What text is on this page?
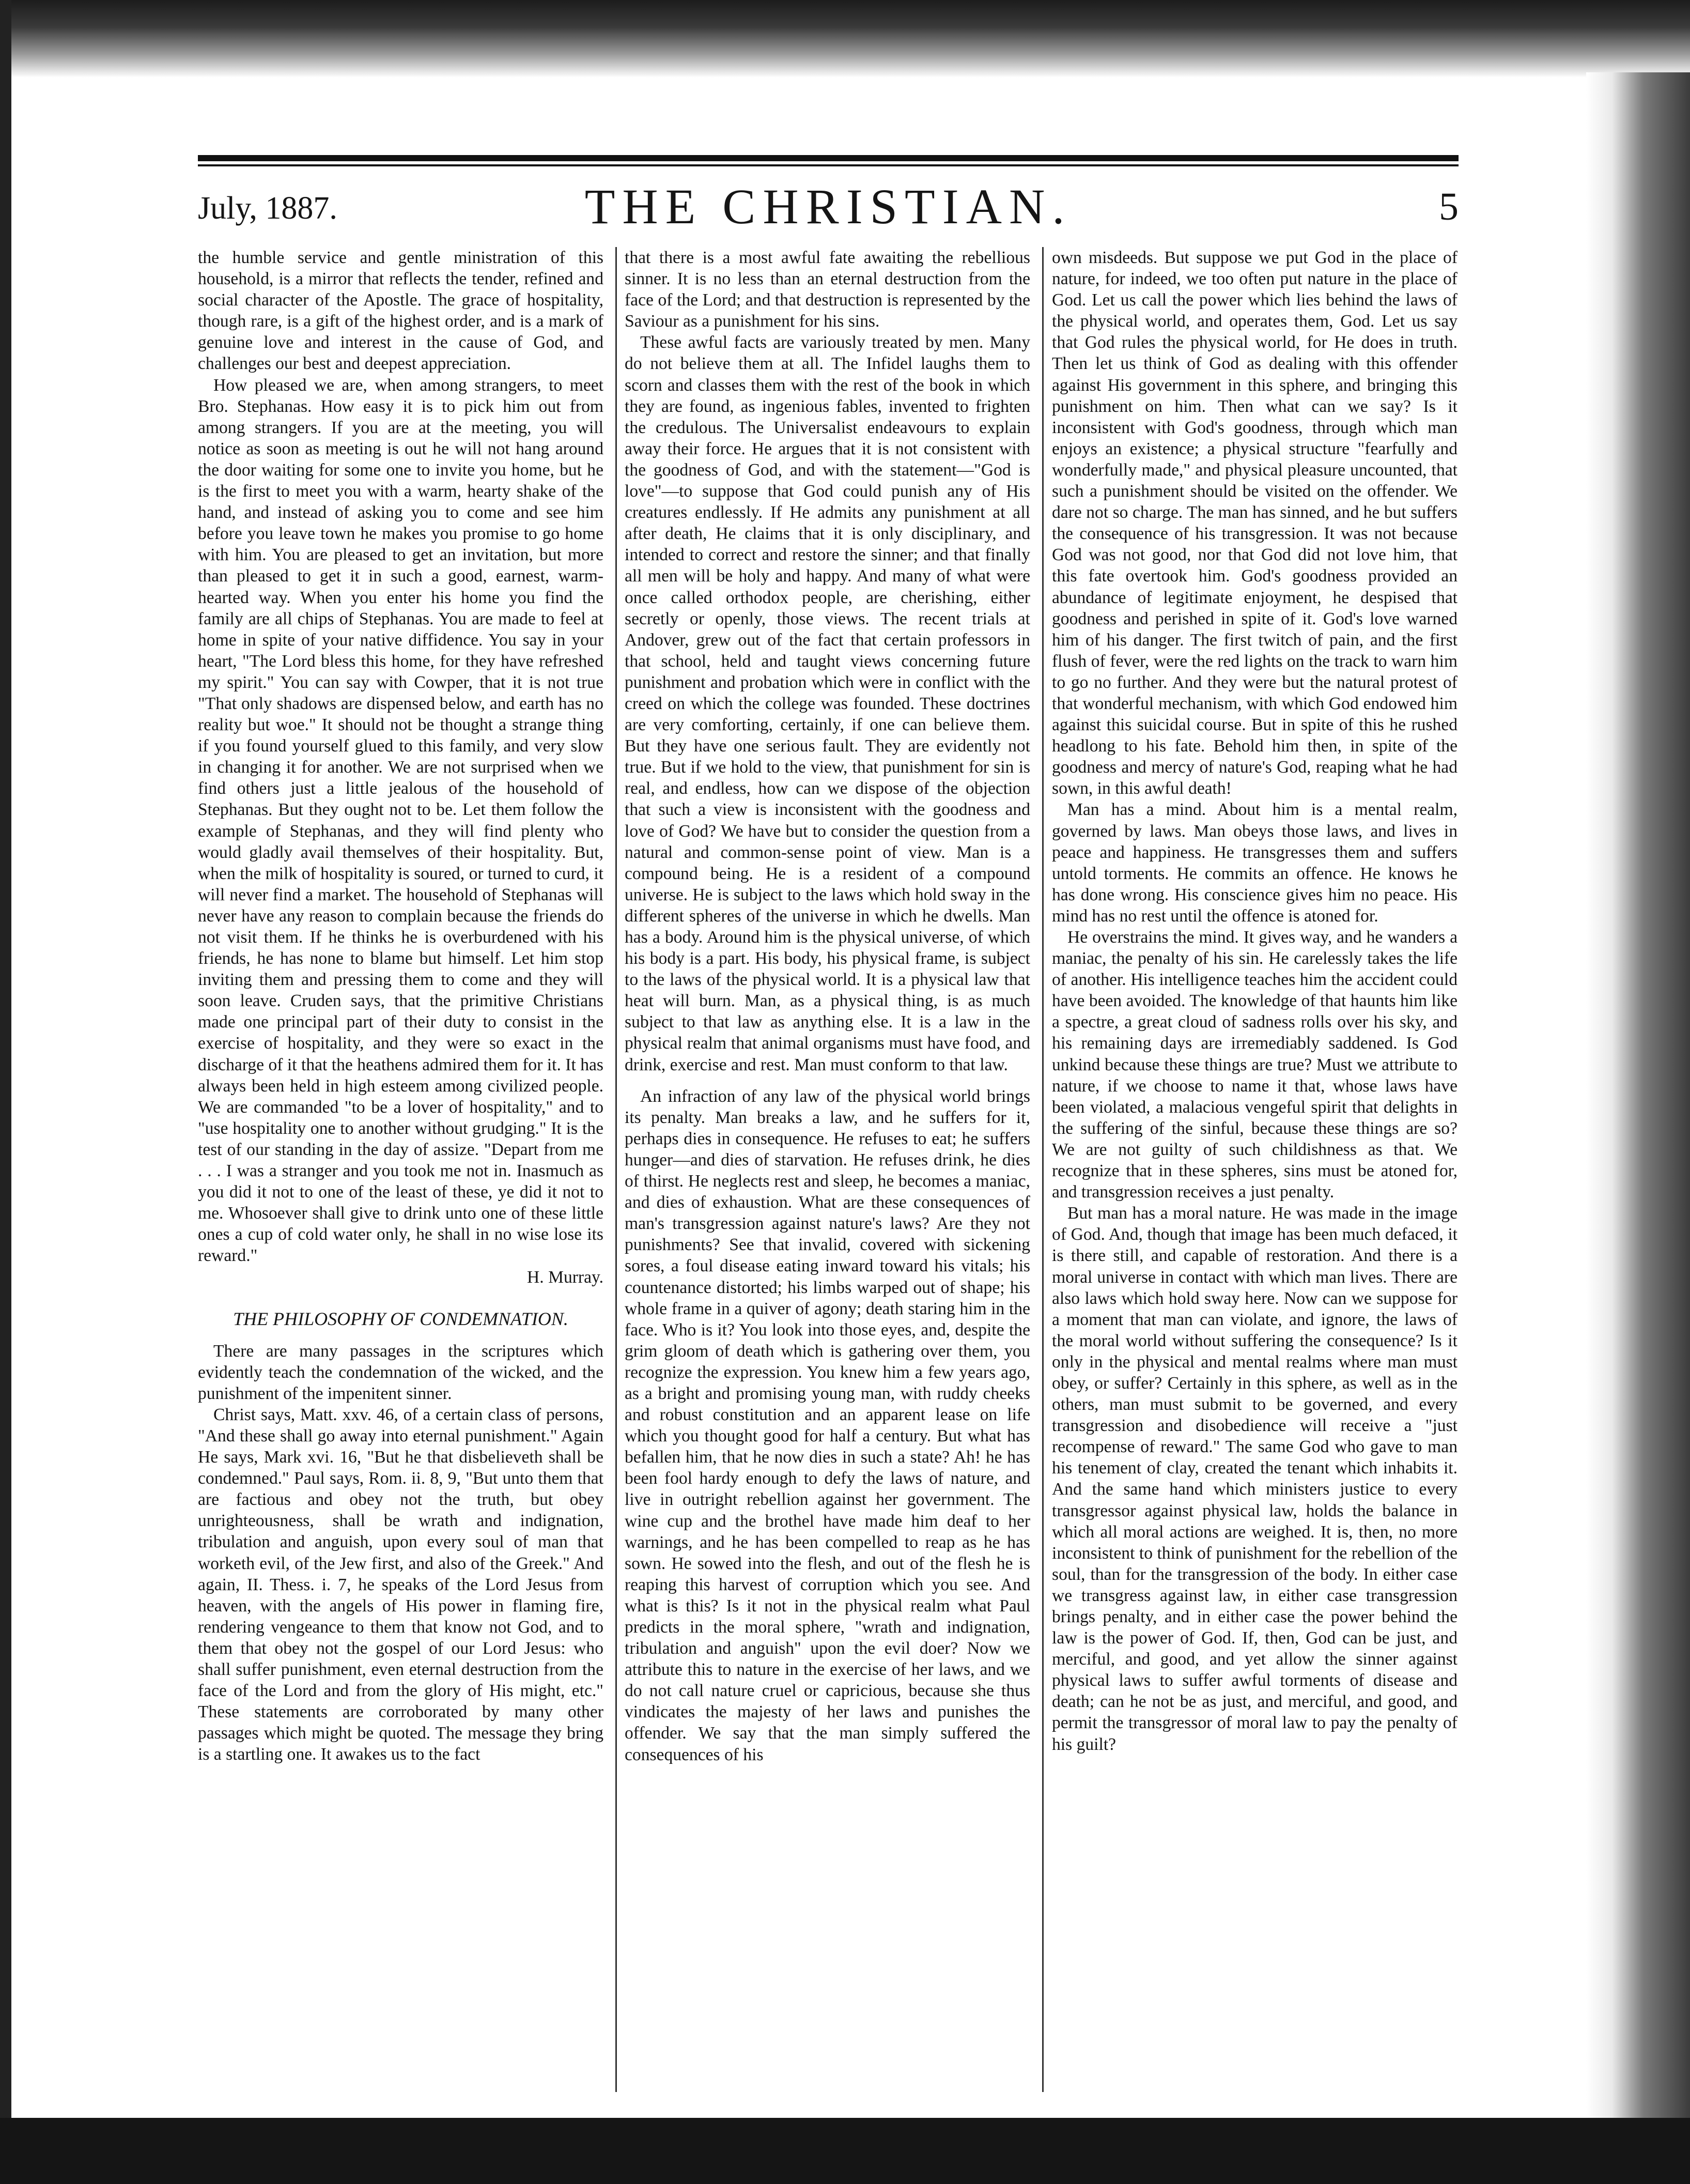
July, 1887.	THE CHRISTIAN.	5

the humble service and gentle ministration of this household, is a mirror that reflects the tender, refined and social character of the Apostle. The grace of hospitality, though rare, is a gift of the highest order, and is a mark of genuine love and interest in the cause of God, and challenges our best and deepest appreciation.

How pleased we are, when among strangers, to meet Bro. Stephanas. How easy it is to pick him out from among strangers. If you are at the meeting, you will notice as soon as meeting is out he will not hang around the door waiting for some one to invite you home, but he is the first to meet you with a warm, hearty shake of the hand, and instead of asking you to come and see him before you leave town he makes you promise to go home with him. You are pleased to get an invitation, but more than pleased to get it in such a good, earnest, warm-hearted way. When you enter his home you find the family are all chips of Stephanas. You are made to feel at home in spite of your native diffidence. You say in your heart, "The Lord bless this home, for they have refreshed my spirit." You can say with Cowper, that it is not true "That only shadows are dispensed below, and earth has no reality but woe." It should not be thought a strange thing if you found yourself glued to this family, and very slow in changing it for another. We are not surprised when we find others just a little jealous of the household of Stephanas. But they ought not to be. Let them follow the example of Stephanas, and they will find plenty who would gladly avail themselves of their hospitality. But, when the milk of hospitality is soured, or turned to curd, it will never find a market. The household of Stephanas will never have any reason to complain because the friends do not visit them. If he thinks he is overburdened with his friends, he has none to blame but himself. Let him stop inviting them and pressing them to come and they will soon leave. Cruden says, that the primitive Christians made one principal part of their duty to consist in the exercise of hospitality, and they were so exact in the discharge of it that the heathens admired them for it. It has always been held in high esteem among civilized people. We are commanded "to be a lover of hospitality," and to "use hospitality one to another without grudging." It is the test of our standing in the day of assize. "Depart from me . . . I was a stranger and you took me not in. Inasmuch as you did it not to one of the least of these, ye did it not to me. Whosoever shall give to drink unto one of these little ones a cup of cold water only, he shall in no wise lose its reward."

H. Murray.

THE PHILOSOPHY OF CONDEMNATION.

There are many passages in the scriptures which evidently teach the condemnation of the wicked, and the punishment of the impenitent sinner.

Christ says, Matt. xxv. 46, of a certain class of persons, "And these shall go away into eternal punishment." Again He says, Mark xvi. 16, "But he that disbelieveth shall be condemned." Paul says, Rom. ii. 8, 9, "But unto them that are factious and obey not the truth, but obey unrighteousness, shall be wrath and indignation, tribulation and anguish, upon every soul of man that worketh evil, of the Jew first, and also of the Greek." And again, II. Thess. i. 7, he speaks of the Lord Jesus from heaven, with the angels of His power in flaming fire, rendering vengeance to them that know not God, and to them that obey not the gospel of our Lord Jesus: who shall suffer punishment, even eternal destruction from the face of the Lord and from the glory of His might, etc." These statements are corroborated by many other passages which might be quoted. The message they bring is a startling one. It awakes us to the fact

that there is a most awful fate awaiting the rebellious sinner. It is no less than an eternal destruction from the face of the Lord; and that destruction is represented by the Saviour as a punishment for his sins.

These awful facts are variously treated by men. Many do not believe them at all. The Infidel laughs them to scorn and classes them with the rest of the book in which they are found, as ingenious fables, invented to frighten the credulous. The Universalist endeavours to explain away their force. He argues that it is not consistent with the goodness of God, and with the statement—"God is love"—to suppose that God could punish any of His creatures endlessly. If He admits any punishment at all after death, He claims that it is only disciplinary, and intended to correct and restore the sinner; and that finally all men will be holy and happy. And many of what were once called orthodox people, are cherishing, either secretly or openly, those views. The recent trials at Andover, grew out of the fact that certain professors in that school, held and taught views concerning future punishment and probation which were in conflict with the creed on which the college was founded. These doctrines are very comforting, certainly, if one can believe them. But they have one serious fault. They are evidently not true. But if we hold to the view, that punishment for sin is real, and endless, how can we dispose of the objection that such a view is inconsistent with the goodness and love of God? We have but to consider the question from a natural and common-sense point of view. Man is a compound being. He is a resident of a compound universe. He is subject to the laws which hold sway in the different spheres of the universe in which he dwells. Man has a body. Around him is the physical universe, of which his body is a part. His body, his physical frame, is subject to the laws of the physical world. It is a physical law that heat will burn. Man, as a physical thing, is as much subject to that law as anything else. It is a law in the physical realm that animal organisms must have food, and drink, exercise and rest. Man must conform to that law.

An infraction of any law of the physical world brings its penalty. Man breaks a law, and he suffers for it, perhaps dies in consequence. He refuses to eat; he suffers hunger—and dies of starvation. He refuses drink, he dies of thirst. He neglects rest and sleep, he becomes a maniac, and dies of exhaustion. What are these consequences of man's transgression against nature's laws? Are they not punishments? See that invalid, covered with sickening sores, a foul disease eating inward toward his vitals; his countenance distorted; his limbs warped out of shape; his whole frame in a quiver of agony; death staring him in the face. Who is it? You look into those eyes, and, despite the grim gloom of death which is gathering over them, you recognize the expression. You knew him a few years ago, as a bright and promising young man, with ruddy cheeks and robust constitution and an apparent lease on life which you thought good for half a century. But what has befallen him, that he now dies in such a state? Ah! he has been fool hardy enough to defy the laws of nature, and live in outright rebellion against her government. The wine cup and the brothel have made him deaf to her warnings, and he has been compelled to reap as he has sown. He sowed into the flesh, and out of the flesh he is reaping this harvest of corruption which you see. And what is this? Is it not in the physical realm what Paul predicts in the moral sphere, "wrath and indignation, tribulation and anguish" upon the evil doer? Now we attribute this to nature in the exercise of her laws, and we do not call nature cruel or capricious, because she thus vindicates the majesty of her laws and punishes the offender. We say that the man simply suffered the consequences of his

own misdeeds. But suppose we put God in the place of nature, for indeed, we too often put nature in the place of God. Let us call the power which lies behind the laws of the physical world, and operates them, God. Let us say that God rules the physical world, for He does in truth. Then let us think of God as dealing with this offender against His government in this sphere, and bringing this punishment on him. Then what can we say? Is it inconsistent with God's goodness, through which man enjoys an existence; a physical structure "fearfully and wonderfully made," and physical pleasure uncounted, that such a punishment should be visited on the offender. We dare not so charge. The man has sinned, and he but suffers the consequence of his transgression. It was not because God was not good, nor that God did not love him, that this fate overtook him. God's goodness provided an abundance of legitimate enjoyment, he despised that goodness and perished in spite of it. God's love warned him of his danger. The first twitch of pain, and the first flush of fever, were the red lights on the track to warn him to go no further. And they were but the natural protest of that wonderful mechanism, with which God endowed him against this suicidal course. But in spite of this he rushed headlong to his fate. Behold him then, in spite of the goodness and mercy of nature's God, reaping what he had sown, in this awful death!

Man has a mind. About him is a mental realm, governed by laws. Man obeys those laws, and lives in peace and happiness. He transgresses them and suffers untold torments. He commits an offence. He knows he has done wrong. His conscience gives him no peace. His mind has no rest until the offence is atoned for.

He overstrains the mind. It gives way, and he wanders a maniac, the penalty of his sin. He carelessly takes the life of another. His intelligence teaches him the accident could have been avoided. The knowledge of that haunts him like a spectre, a great cloud of sadness rolls over his sky, and his remaining days are irremediably saddened. Is God unkind because these things are true? Must we attribute to nature, if we choose to name it that, whose laws have been violated, a malacious vengeful spirit that delights in the suffering of the sinful, because these things are so? We are not guilty of such childishness as that. We recognize that in these spheres, sins must be atoned for, and transgression receives a just penalty.

But man has a moral nature. He was made in the image of God. And, though that image has been much defaced, it is there still, and capable of restoration. And there is a moral universe in contact with which man lives. There are also laws which hold sway here. Now can we suppose for a moment that man can violate, and ignore, the laws of the moral world without suffering the consequence? Is it only in the physical and mental realms where man must obey, or suffer? Certainly in this sphere, as well as in the others, man must submit to be governed, and every transgression and disobedience will receive a "just recompense of reward." The same God who gave to man his tenement of clay, created the tenant which inhabits it. And the same hand which ministers justice to every transgressor against physical law, holds the balance in which all moral actions are weighed. It is, then, no more inconsistent to think of punishment for the rebellion of the soul, than for the transgression of the body. In either case we transgress against law, in either case transgression brings penalty, and in either case the power behind the law is the power of God. If, then, God can be just, and merciful, and good, and yet allow the sinner against physical laws to suffer awful torments of disease and death; can he not be as just, and merciful, and good, and permit the transgressor of moral law to pay the penalty of his guilt?
